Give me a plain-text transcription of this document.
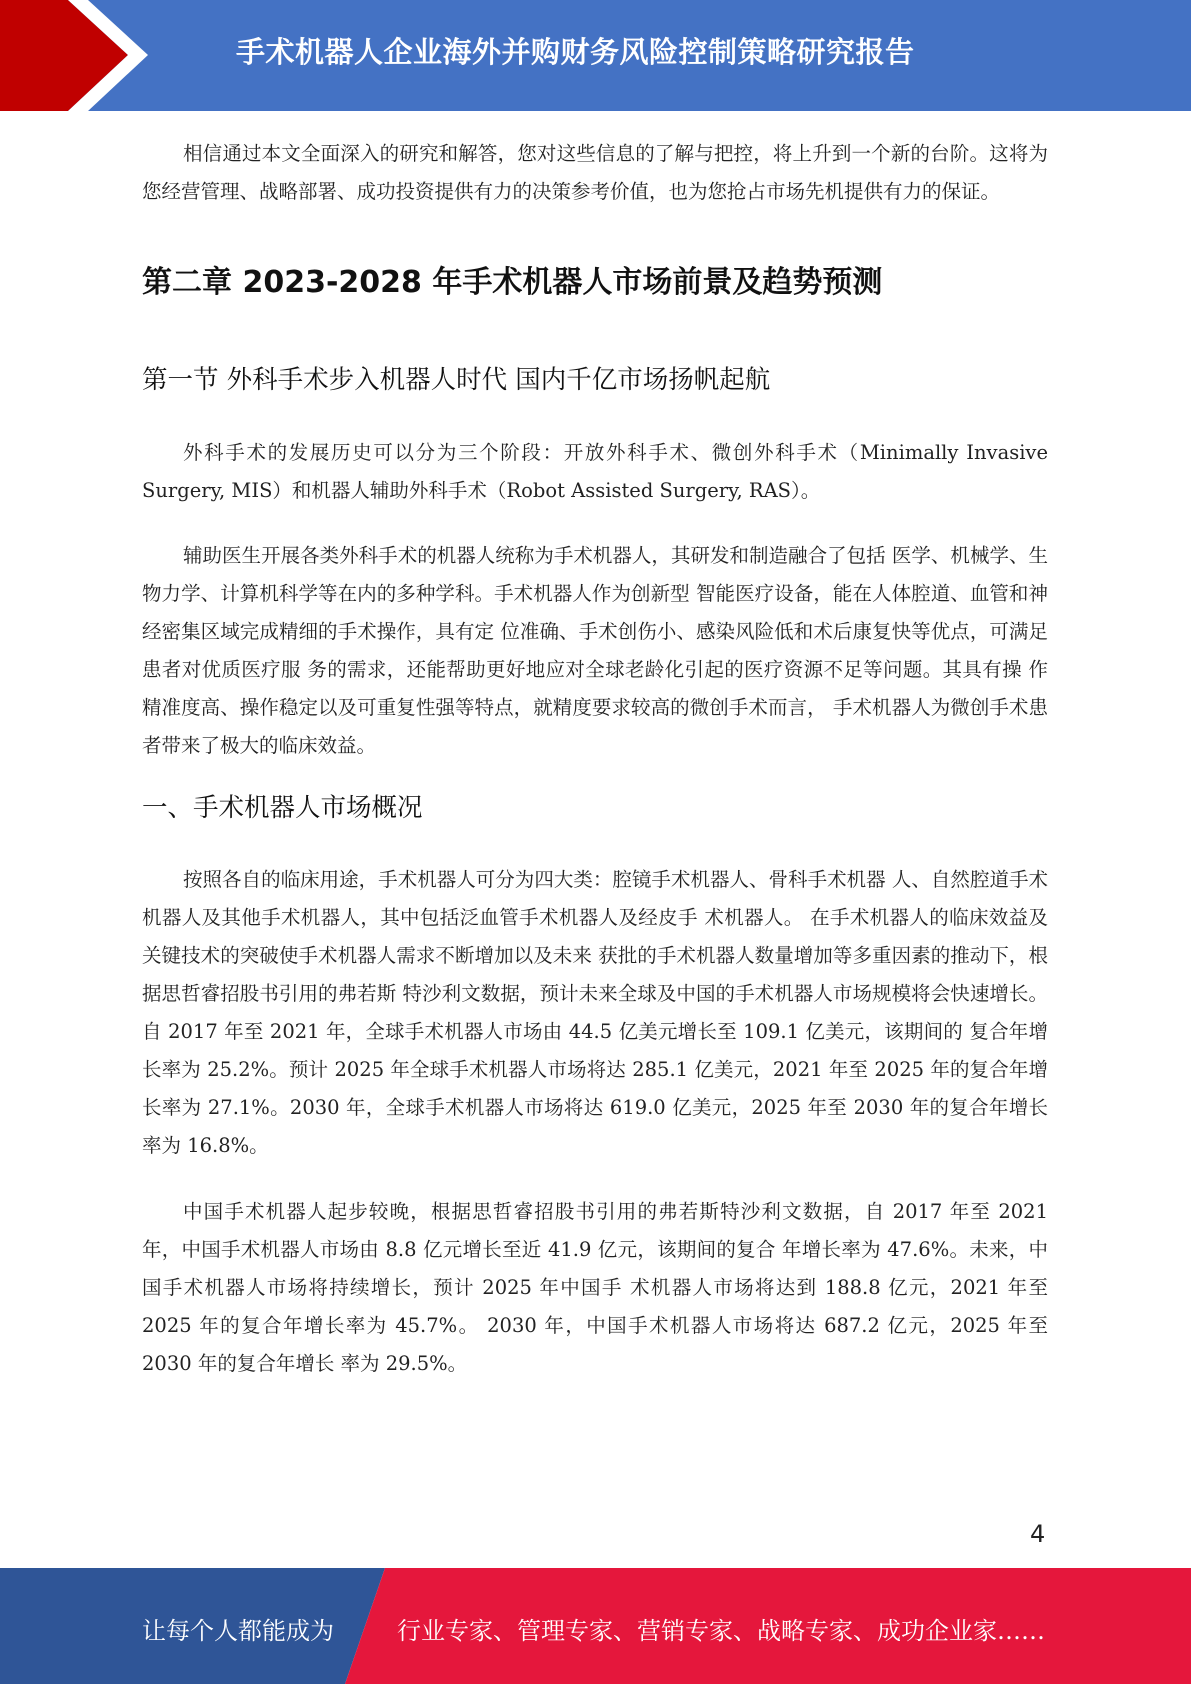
手术机器人企业海外并购财务风险控制策略研究报告

相信通过本文全面深入的研究和解答，您对这些信息的了解与把控，将上升到一个新的台阶。这将为您经营管理、战略部署、成功投资提供有力的决策参考价值，也为您抢占市场先机提供有力的保证。

第二章 2023-2028 年手术机器人市场前景及趋势预测
第一节 外科手术步入机器人时代 国内千亿市场扬帆起航

外科手术的发展历史可以分为三个阶段：开放外科手术、微创外科手术（Minimally Invasive Surgery, MIS）和机器人辅助外科手术（Robot Assisted Surgery, RAS）。

辅助医生开展各类外科手术的机器人统称为手术机器人，其研发和制造融合了包括 医学、机械学、生物力学、计算机科学等在内的多种学科。手术机器人作为创新型 智能医疗设备，能在人体腔道、血管和神经密集区域完成精细的手术操作，具有定 位准确、手术创伤小、感染风险低和术后康复快等优点，可满足患者对优质医疗服 务的需求，还能帮助更好地应对全球老龄化引起的医疗资源不足等问题。其具有操 作精准度高、操作稳定以及可重复性强等特点，就精度要求较高的微创手术而言， 手术机器人为微创手术患者带来了极大的临床效益。

一、手术机器人市场概况

按照各自的临床用途，手术机器人可分为四大类：腔镜手术机器人、骨科手术机器 人、自然腔道手术机器人及其他手术机器人，其中包括泛血管手术机器人及经皮手 术机器人。 在手术机器人的临床效益及关键技术的突破使手术机器人需求不断增加以及未来 获批的手术机器人数量增加等多重因素的推动下，根据思哲睿招股书引用的弗若斯 特沙利文数据，预计未来全球及中国的手术机器人市场规模将会快速增长。自 2017 年至 2021 年，全球手术机器人市场由 44.5 亿美元增长至 109.1 亿美元，该期间的 复合年增长率为 25.2%。预计 2025 年全球手术机器人市场将达 285.1 亿美元，2021 年至 2025 年的复合年增长率为 27.1%。2030 年，全球手术机器人市场将达 619.0 亿美元，2025 年至 2030 年的复合年增长率为 16.8%。

中国手术机器人起步较晚，根据思哲睿招股书引用的弗若斯特沙利文数据，自 2017 年至 2021 年，中国手术机器人市场由 8.8 亿元增长至近 41.9 亿元，该期间的复合 年增长率为 47.6%。未来，中国手术机器人市场将持续增长，预计 2025 年中国手 术机器人市场将达到 188.8 亿元，2021 年至 2025 年的复合年增长率为 45.7%。 2030 年，中国手术机器人市场将达 687.2 亿元，2025 年至 2030 年的复合年增长 率为 29.5%。

4
让每个人都能成为	行业专家、管理专家、营销专家、战略专家、成功企业家……
